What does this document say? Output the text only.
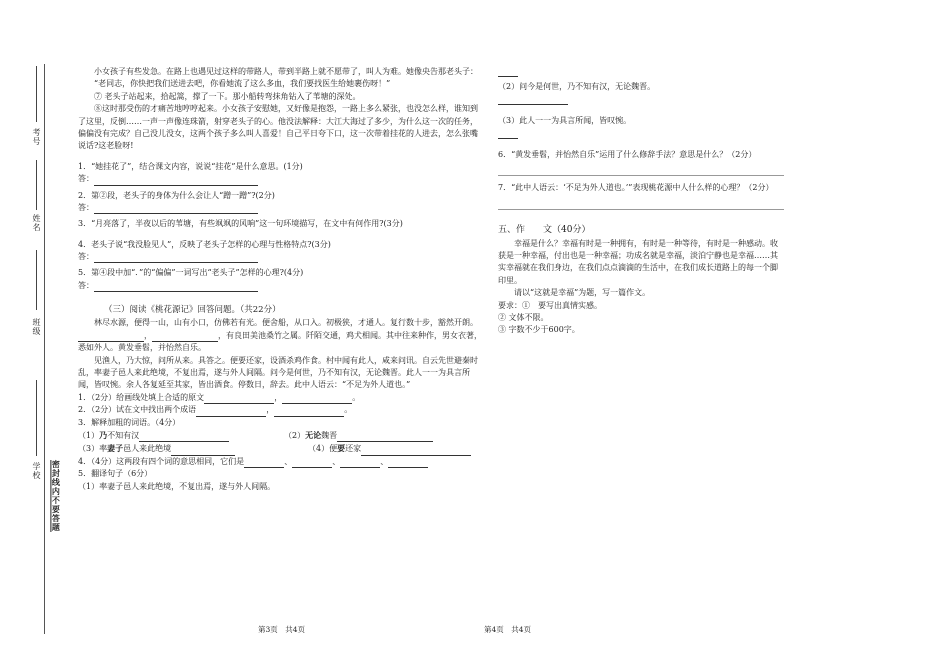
考号
姓名
班级
学校 密封线内不要答题

小女孩子有些发急。在路上也遇见过这样的带路人，带到半路上就不愿带了，叫人为难。她像央告那老头子：

“老同志，你快把我们送进去吧，你看她流了这么多血，我们要找医生给她裹伤呀！”

⑦ 老头子站起来，拾起篙，撑了一下。那小船转弯抹角钻入了苇塘的深处。

⑧这时那受伤的才痛苦地哼哼起来。小女孩子安慰她，又好像是抱怨，一路上多么紧张，也没怎么样，谁知到了这里，反倒……一声一声像连珠箭，射穿老头子的心。他没法解释：大江大海过了多少，为什么这一次的任务，偏偏没有完成？自己没儿没女，这两个孩子多么叫人喜爱！自己平日夸下口，这一次带着挂花的人进去，怎么张嘴说话?这老脸呀!

1．“她挂花了”，结合课文内容，说说“挂花”是什么意思。(1分)

答：

2．第②段，老头子的身体为什么会让人“蹭一蹭”?(2分)

答：

3．“月亮落了，半夜以后的苇塘，有些飒飒的风响”这一句环境描写，在文中有何作用?(3分)

4．老头子说“我没脸见人”，反映了老头子怎样的心理与性格特点?(3分)

答：

5．第④段中加“．”的“偏偏”一词写出“老头子”怎样的心理?(4分)

答：

（三）阅读《桃花源记》回答问题。（共22分）

林尽水源，便得一山，山有小口，仿佛若有光。便舍船，从口入。初极狭，才通人。复行数十步，豁然开朗。，	，有良田美池桑竹之属。阡陌交通，鸡犬相闻。其中往来种作，男女衣著，悉如外人。黄发垂髫，并怡然自乐。

见渔人，乃大惊，问所从来。具答之。便要还家，设酒杀鸡作食。村中闻有此人，咸来问讯。自云先世避秦时乱，率妻子邑人来此绝境，不复出焉，遂与外人间隔。问今是何世，乃不知有汉，无论魏晋。此人一一为具言所闻，皆叹惋。余人各复延至其家，皆出酒食。停数日，辞去。此中人语云：“不足为外人道也。”

1．（2分）给画线处填上合适的原文	，	。

2．（2分）试在文中找出两个成语	，	。

3．解释加粗的词语。（4分）

（1）乃不知有汉	（2）无论魏晋
（3）率妻子邑人来此绝境	（4）便要还家

4．（4分）这两段有四个词的意思相同，它们是	、	、	、

5．翻译句子（6分）

（1）率妻子邑人来此绝境，不复出焉，遂与外人间隔。

（2）问今是何世，乃不知有汉，无论魏晋。

（3）此人一一为具言所闻，皆叹惋。

6．“黄发垂髫，并怡然自乐”运用了什么修辞手法？意思是什么？（2分）

7．“此中人语云：‘不足为外人道也。’”表现桃花源中人什么样的心理？（2分）

五、作　　文（40分）

幸福是什么？幸福有时是一种拥有，有时是一种等待，有时是一种感动。收获是一种幸福，付出也是一种幸福；功成名就是幸福，淡泊宁静也是幸福……其实幸福就在我们身边，在我们点点滴滴的生活中，在我们成长道路上的每一个脚印里。

请以“这就是幸福”为题，写一篇作文。

要求：①　要写出真情实感。

② 文体不限。

③ 字数不少于600字。

第3页　共4页	第4页　共4页
